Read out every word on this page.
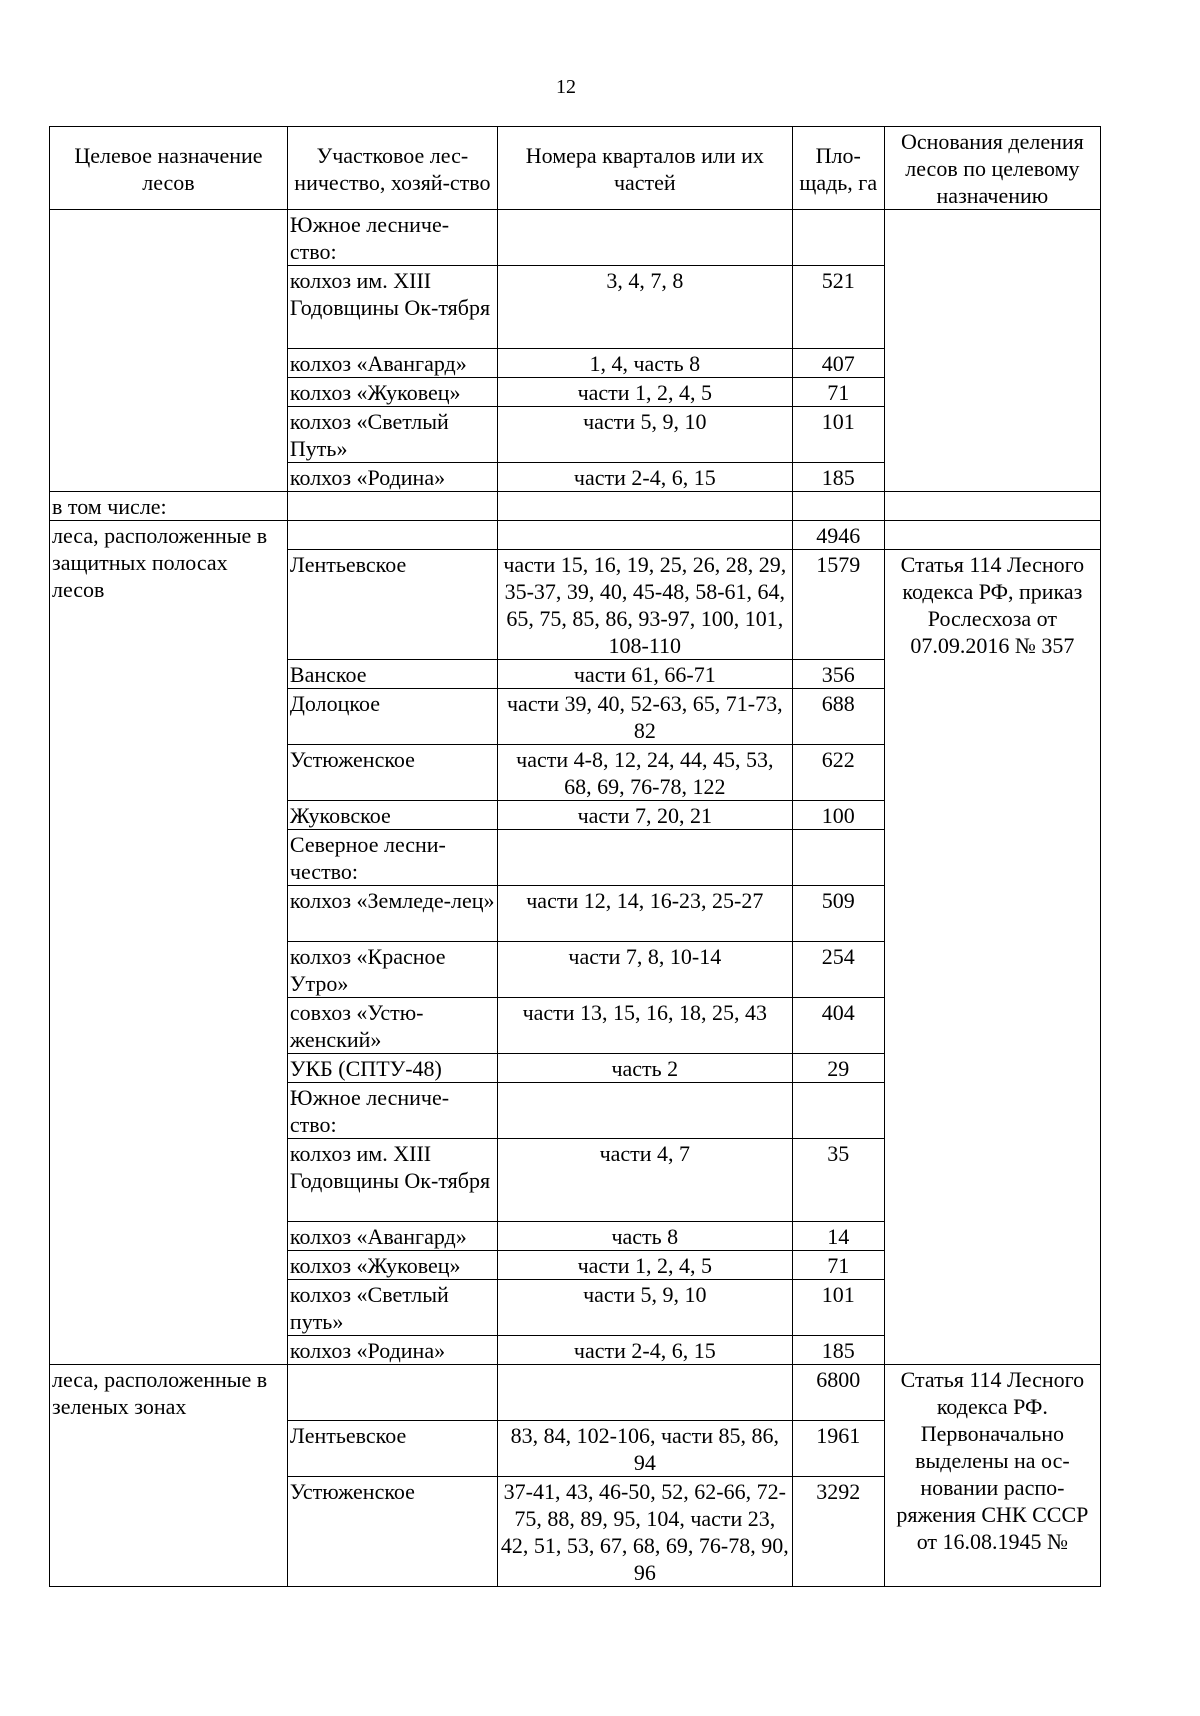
12
Целевое назначение лесов	Участковое лес-ничество, хозяй-ство	Номера кварталов или их частей	Пло-щадь, га	Основания деления лесов по целевому назначению
	Южное лесниче-ство:			
	колхоз им. XIII Годовщины Ок-тября	3, 4, 7, 8	521	
	колхоз «Авангард»	1, 4, часть 8	407	
	колхоз «Жуковец»	части 1, 2, 4, 5	71	
	колхоз «Светлый Путь»	части 5, 9, 10	101	
	колхоз «Родина»	части 2-4, 6, 15	185	
в том числе:				
леса, расположенные в защитных полосах лесов			4946	
	Лентьевское	части 15, 16, 19, 25, 26, 28, 29, 35-37, 39, 40, 45-48, 58-61, 64, 65, 75, 85, 86, 93-97, 100, 101, 108-110	1579	Статья 114 Лесного кодекса РФ, приказ Рослесхоза от 07.09.2016 № 357
	Ванское	части 61, 66-71	356	
	Долоцкое	части 39, 40, 52-63, 65, 71-73, 82	688	
	Устюженское	части 4-8, 12, 24, 44, 45, 53, 68, 69, 76-78, 122	622	
	Жуковское	части 7, 20, 21	100	
	Северное лесни-чество:			
	колхоз «Земледе-лец»	части 12, 14, 16-23, 25-27	509	
	колхоз «Красное Утро»	части 7, 8, 10-14	254	
	совхоз «Устю-женский»	части 13, 15, 16, 18, 25, 43	404	
	УКБ (СПТУ-48)	часть 2	29	
	Южное лесниче-ство:			
	колхоз им. XIII Годовщины Ок-тября	части 4, 7	35	
	колхоз «Авангард»	часть 8	14	
	колхоз «Жуковец»	части 1, 2, 4, 5	71	
	колхоз «Светлый путь»	части 5, 9, 10	101	
	колхоз «Родина»	части 2-4, 6, 15	185	
леса, расположенные в зеленых зонах			6800	Статья 114 Лесного кодекса РФ. Первоначально выделены на ос-новании распо-ряжения СНК СССР от 16.08.1945 №
	Лентьевское	83, 84, 102-106, части 85, 86, 94	1961	
	Устюженское	37-41, 43, 46-50, 52, 62-66, 72-75, 88, 89, 95, 104, части 23, 42, 51, 53, 67, 68, 69, 76-78, 90, 96	3292	
